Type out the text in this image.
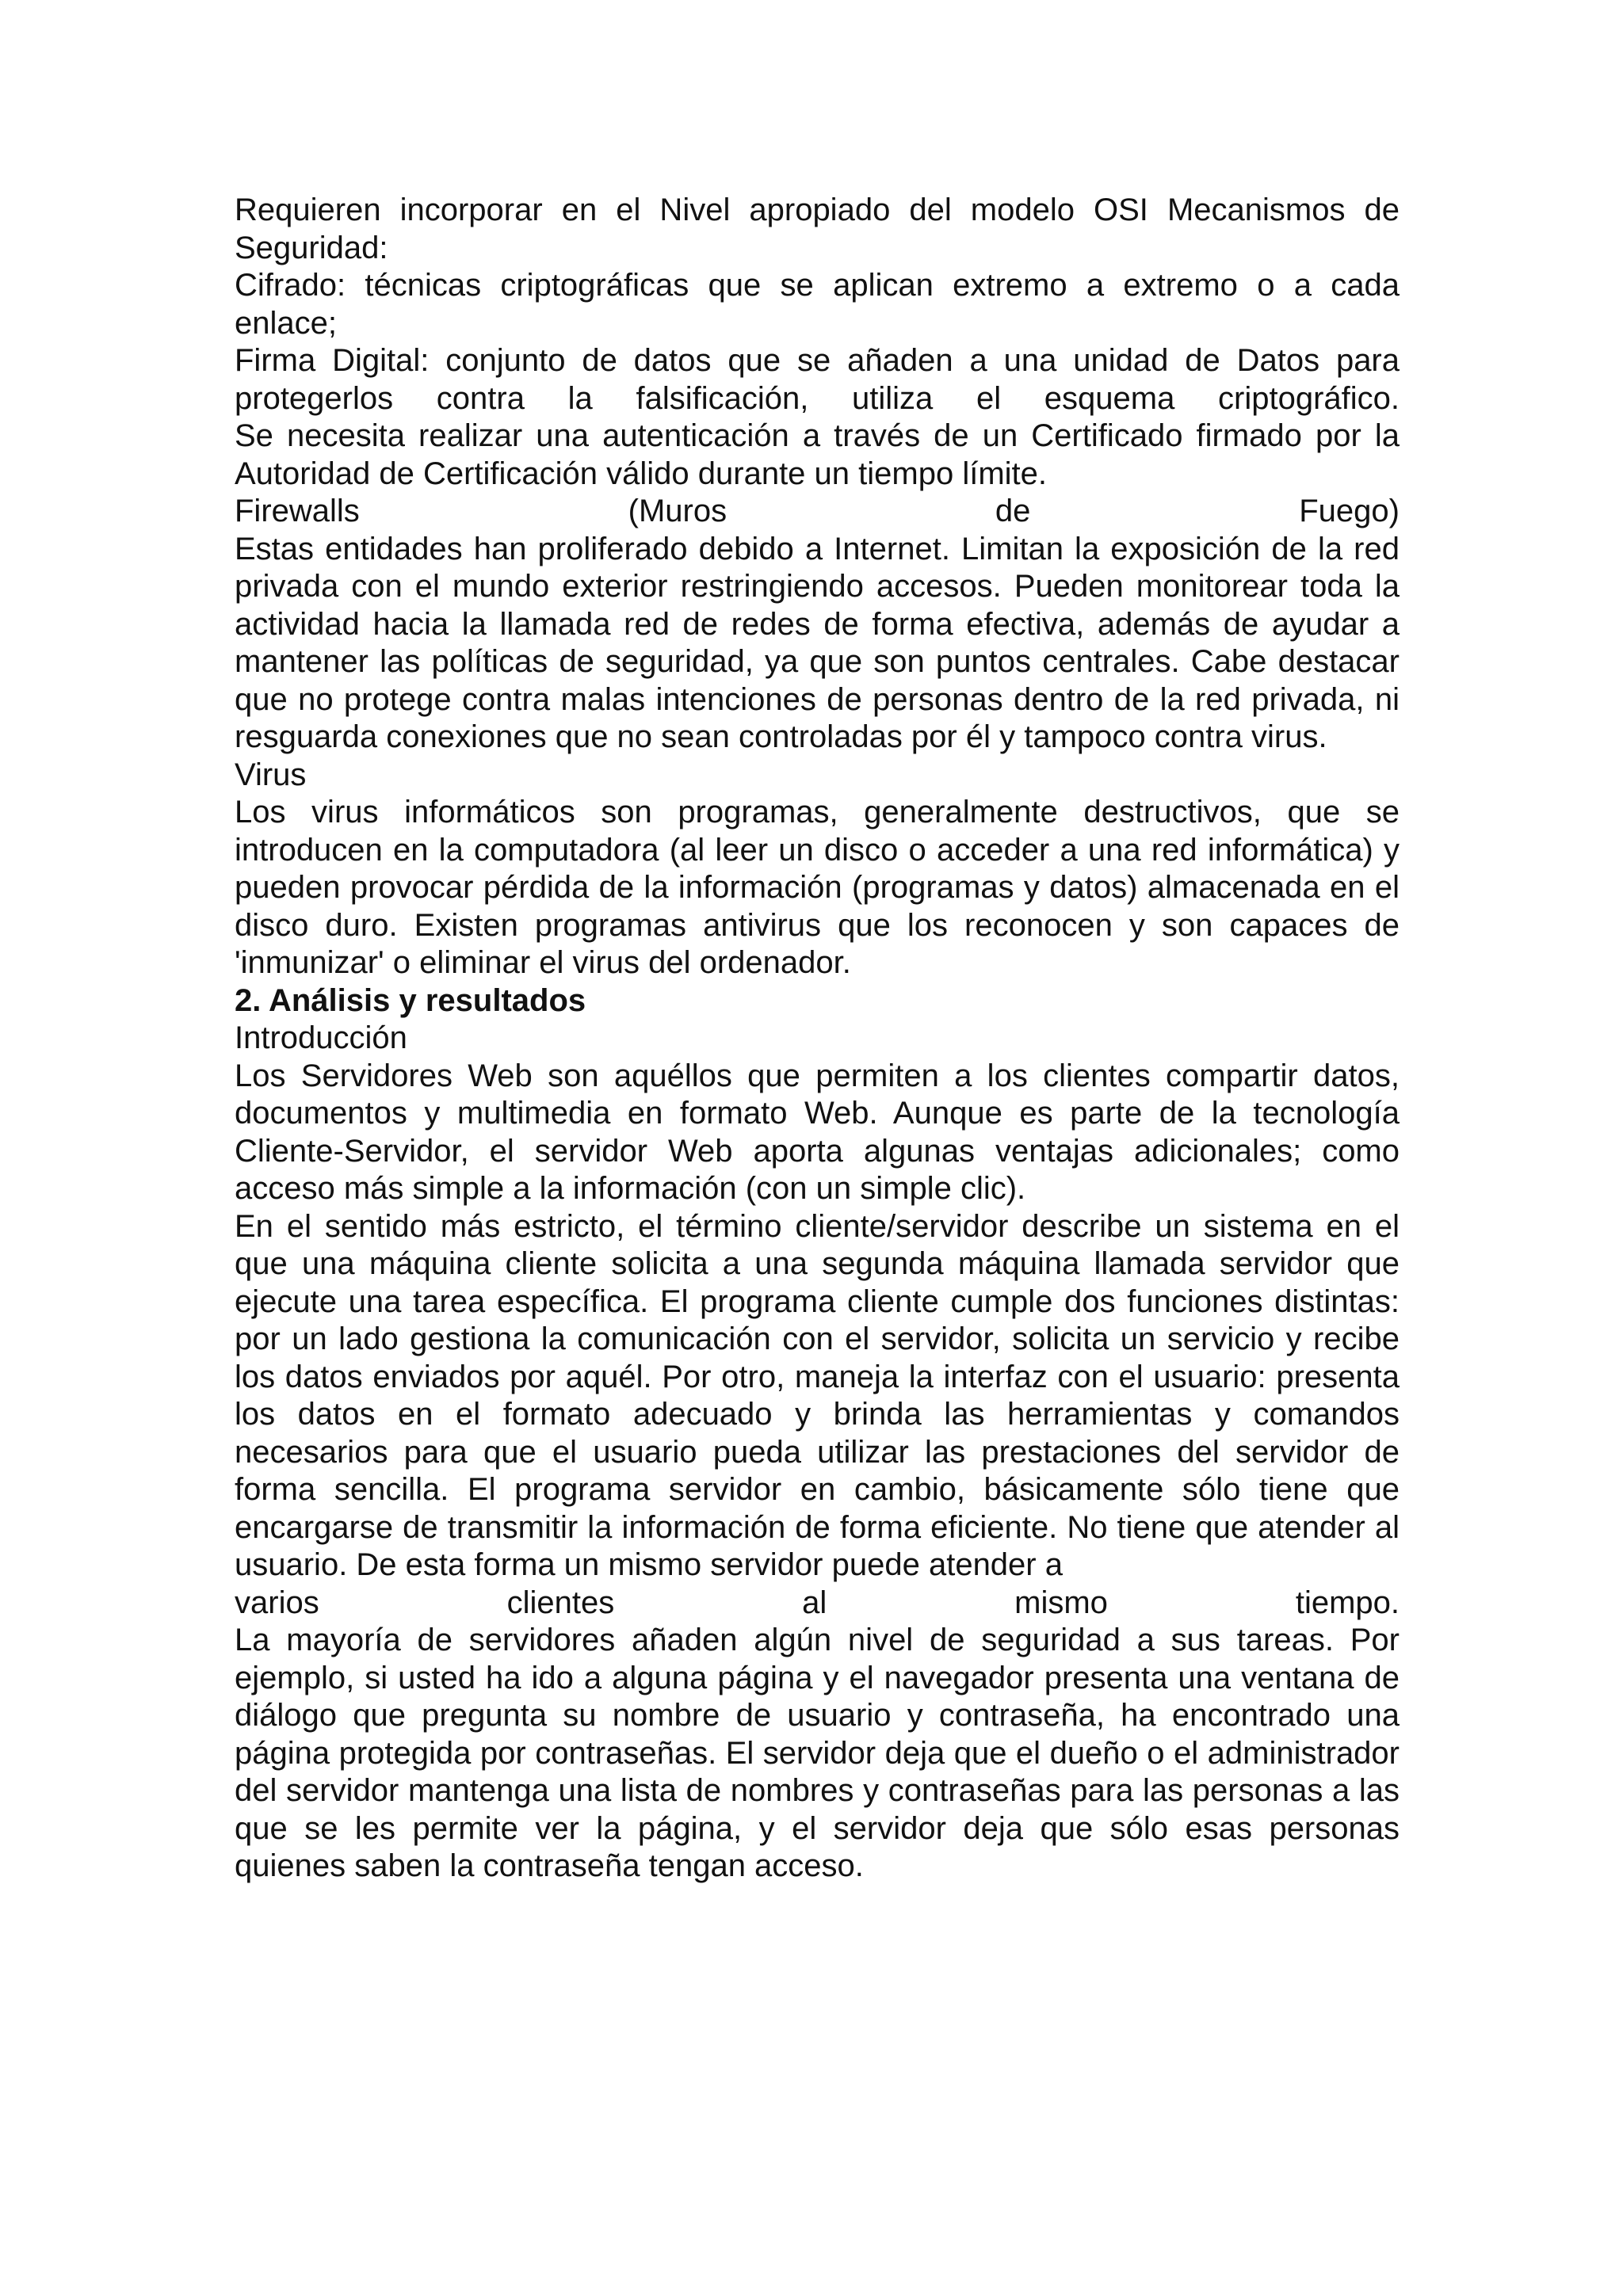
Requieren incorporar en el Nivel apropiado del modelo OSI Mecanismos de
Seguridad:
Cifrado: técnicas criptográficas que se aplican extremo a extremo o a cada
enlace;
Firma Digital: conjunto de datos que se añaden a una unidad de Datos para
protegerlos contra la falsificación, utiliza el esquema criptográfico.
Se necesita realizar una autenticación a través de un Certificado firmado por la Autoridad de Certificación válido durante un tiempo límite.

Firewalls (Muros de Fuego)
Estas entidades han proliferado debido a Internet. Limitan la exposición de la red privada con el mundo exterior restringiendo accesos. Pueden monitorear toda la actividad hacia la llamada red de redes de forma efectiva, además de ayudar a mantener las políticas de seguridad, ya que son puntos centrales. Cabe destacar que no protege contra malas intenciones de personas dentro de la red privada, ni resguarda conexiones que no sean controladas por él y tampoco contra virus.

Virus
Los virus informáticos son programas, generalmente destructivos, que se introducen en la computadora (al leer un disco o acceder a una red informática) y pueden provocar pérdida de la información (programas y datos) almacenada en el disco duro. Existen programas antivirus que los reconocen y son capaces de 'inmunizar' o eliminar el virus del ordenador.

2. Análisis y resultados

Introducción
Los Servidores Web son aquéllos que permiten a los clientes compartir datos, documentos y multimedia en formato Web. Aunque es parte de la tecnología Cliente-Servidor, el servidor Web aporta algunas ventajas adicionales; como acceso más simple a la información (con un simple clic).

En el sentido más estricto, el término cliente/servidor describe un sistema en el que una máquina cliente solicita a una segunda máquina llamada servidor que ejecute una tarea específica. El programa cliente cumple dos funciones distintas: por un lado gestiona la comunicación con el servidor, solicita un servicio y recibe los datos enviados por aquél. Por otro, maneja la interfaz con el usuario: presenta los datos en el formato adecuado y brinda las herramientas y comandos necesarios para que el usuario pueda utilizar las prestaciones del servidor de forma sencilla. El programa servidor en cambio, básicamente sólo tiene que encargarse de transmitir la información de forma eficiente. No tiene que atender al usuario. De esta forma un mismo servidor puede atender a
varios clientes al mismo tiempo.
La mayoría de servidores añaden algún nivel de seguridad a sus tareas. Por ejemplo, si usted ha ido a alguna página y el navegador presenta una ventana de diálogo que pregunta su nombre de usuario y contraseña, ha encontrado una página protegida por contraseñas. El servidor deja que el dueño o el administrador del servidor mantenga una lista de nombres y contraseñas para las personas a las que se les permite ver la página, y el servidor deja que sólo esas personas quienes saben la contraseña tengan acceso.
